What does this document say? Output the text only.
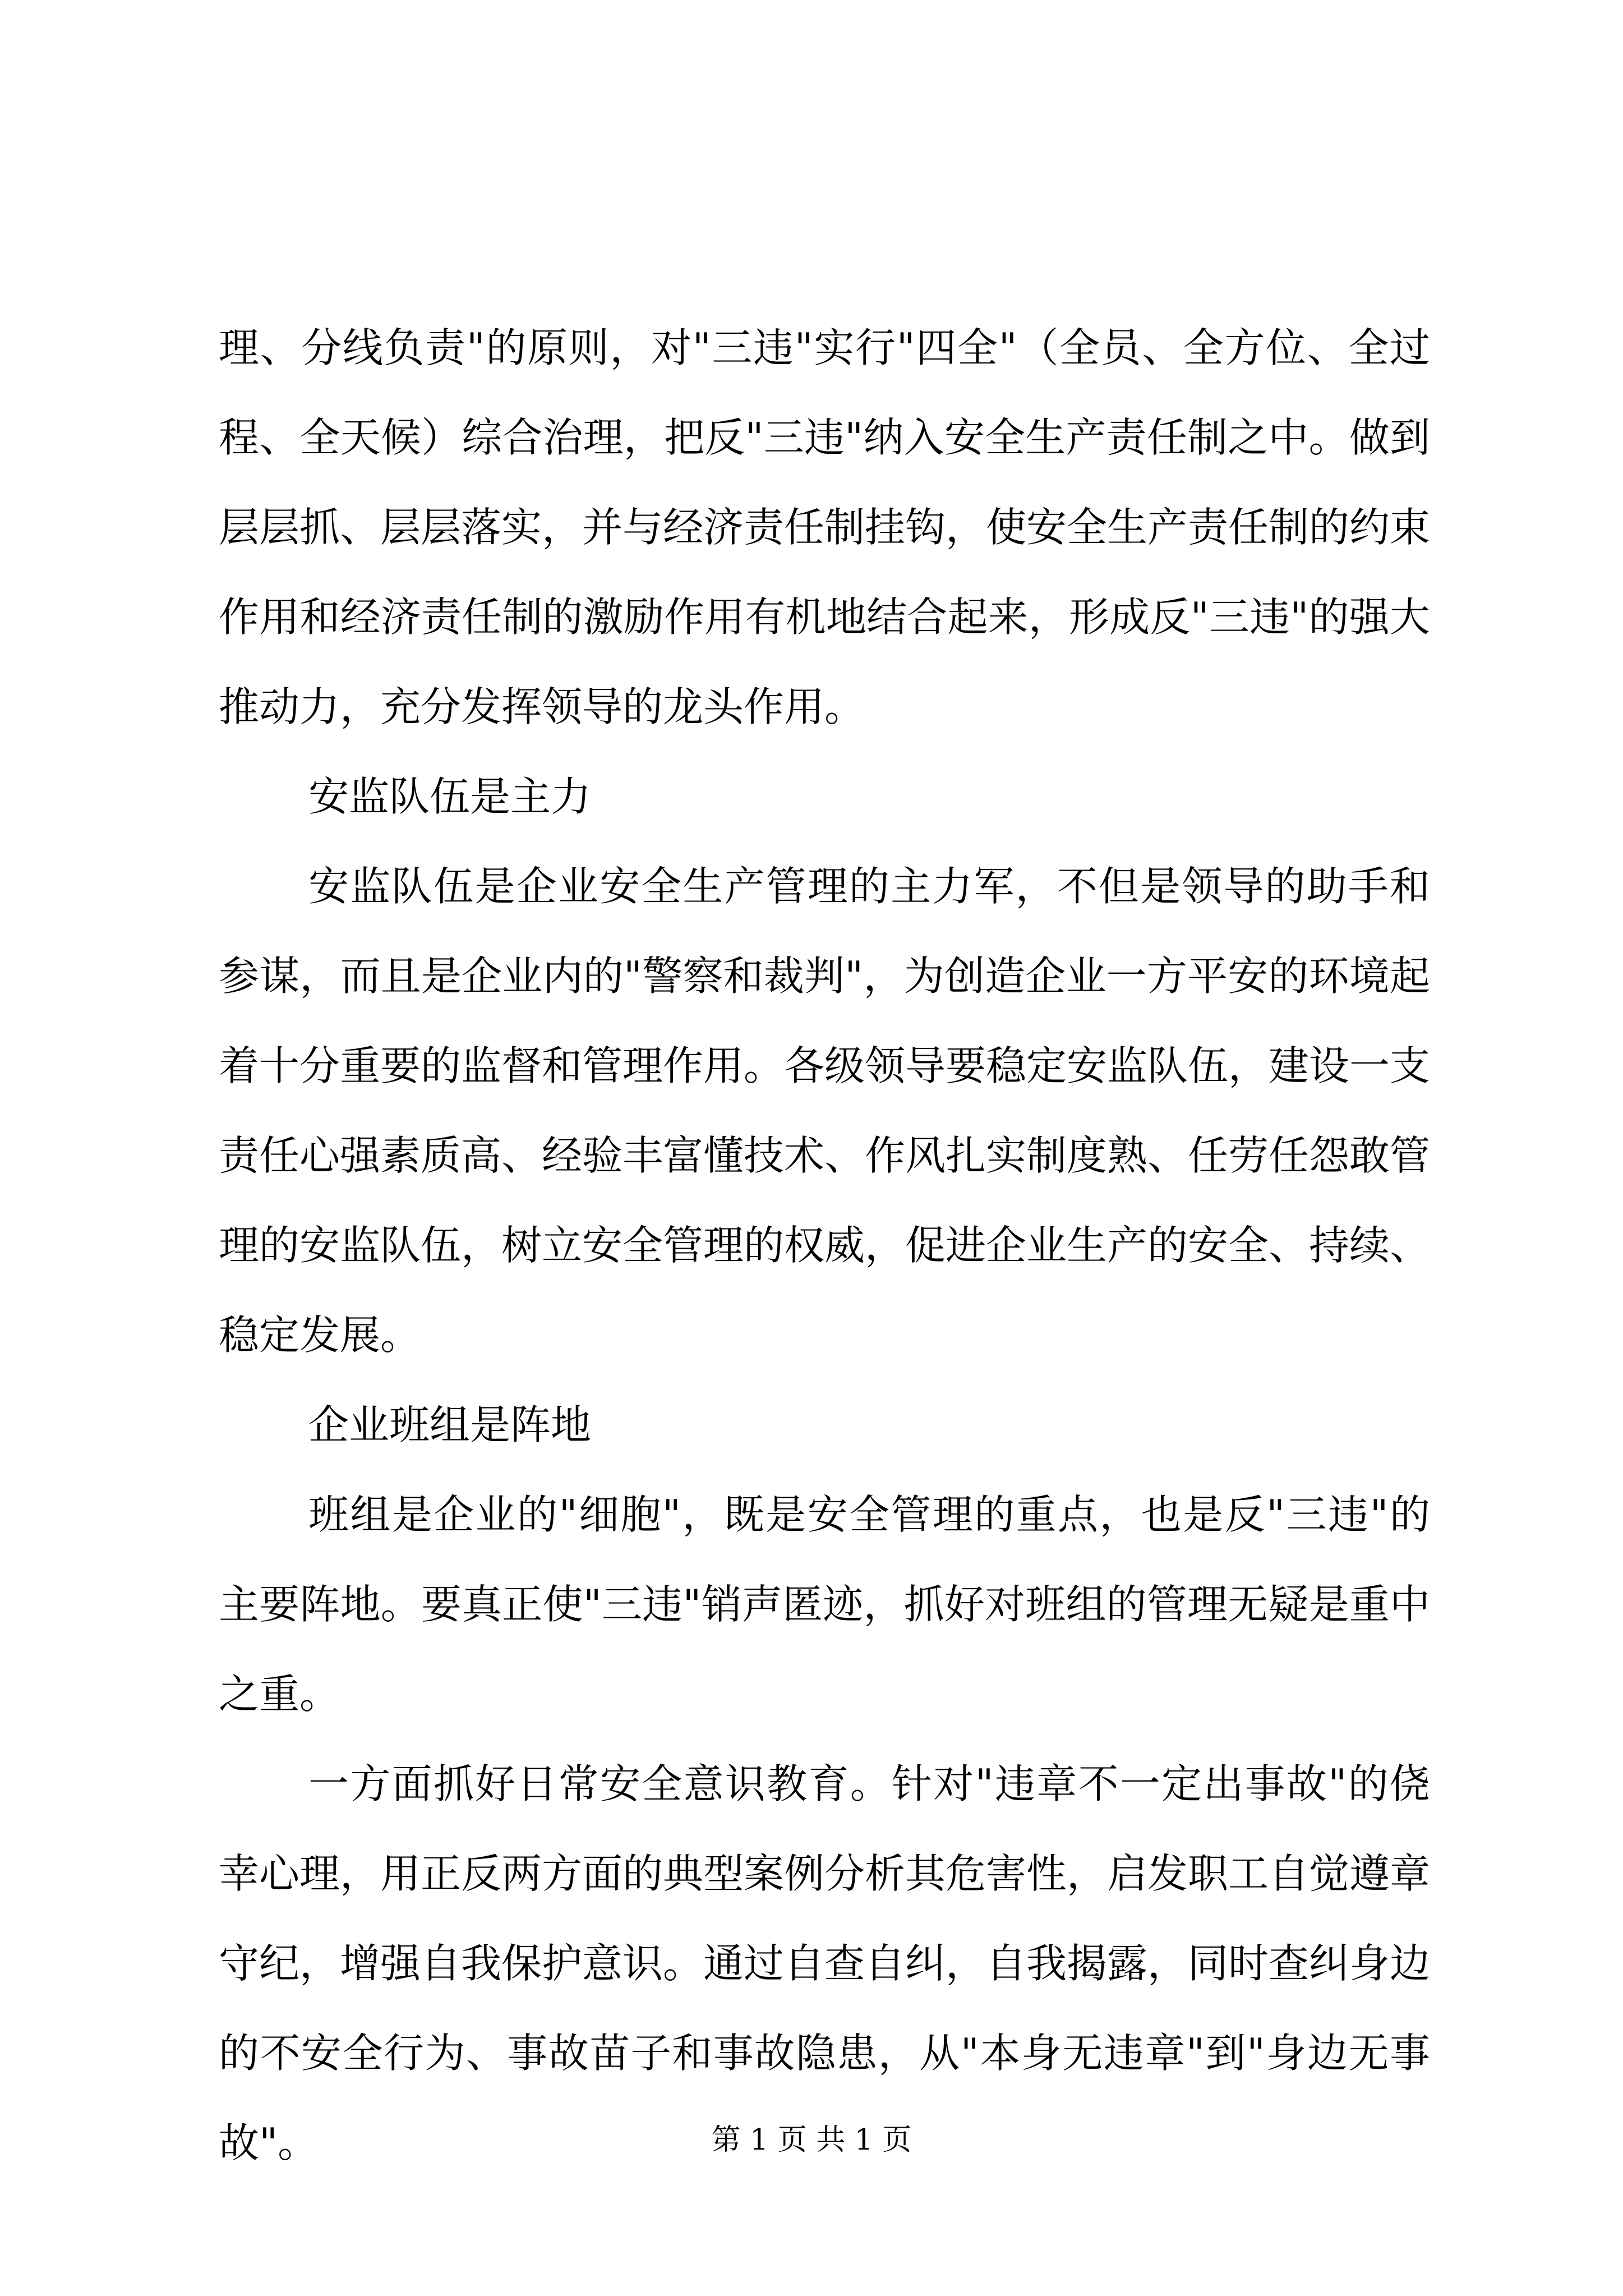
理、分线负责"的原则，对"三违"实行"四全"（全员、全方位、全过程、全天候）综合治理，把反"三违"纳入安全生产责任制之中。做到层层抓、层层落实，并与经济责任制挂钩，使安全生产责任制的约束作用和经济责任制的激励作用有机地结合起来，形成反"三违"的强大推动力，充分发挥领导的龙头作用。

安监队伍是主力

安监队伍是企业安全生产管理的主力军，不但是领导的助手和参谋，而且是企业内的"警察和裁判"，为创造企业一方平安的环境起着十分重要的监督和管理作用。各级领导要稳定安监队伍，建设一支责任心强素质高、经验丰富懂技术、作风扎实制度熟、任劳任怨敢管理的安监队伍，树立安全管理的权威，促进企业生产的安全、持续、稳定发展。

企业班组是阵地

班组是企业的"细胞"，既是安全管理的重点，也是反"三违"的主要阵地。要真正使"三违"销声匿迹，抓好对班组的管理无疑是重中之重。

一方面抓好日常安全意识教育。针对"违章不一定出事故"的侥幸心理，用正反两方面的典型案例分析其危害性，启发职工自觉遵章守纪，增强自我保护意识。通过自查自纠，自我揭露，同时查纠身边的不安全行为、事故苗子和事故隐患，从"本身无违章"到"身边无事故"。	第 1 页 共 1 页
